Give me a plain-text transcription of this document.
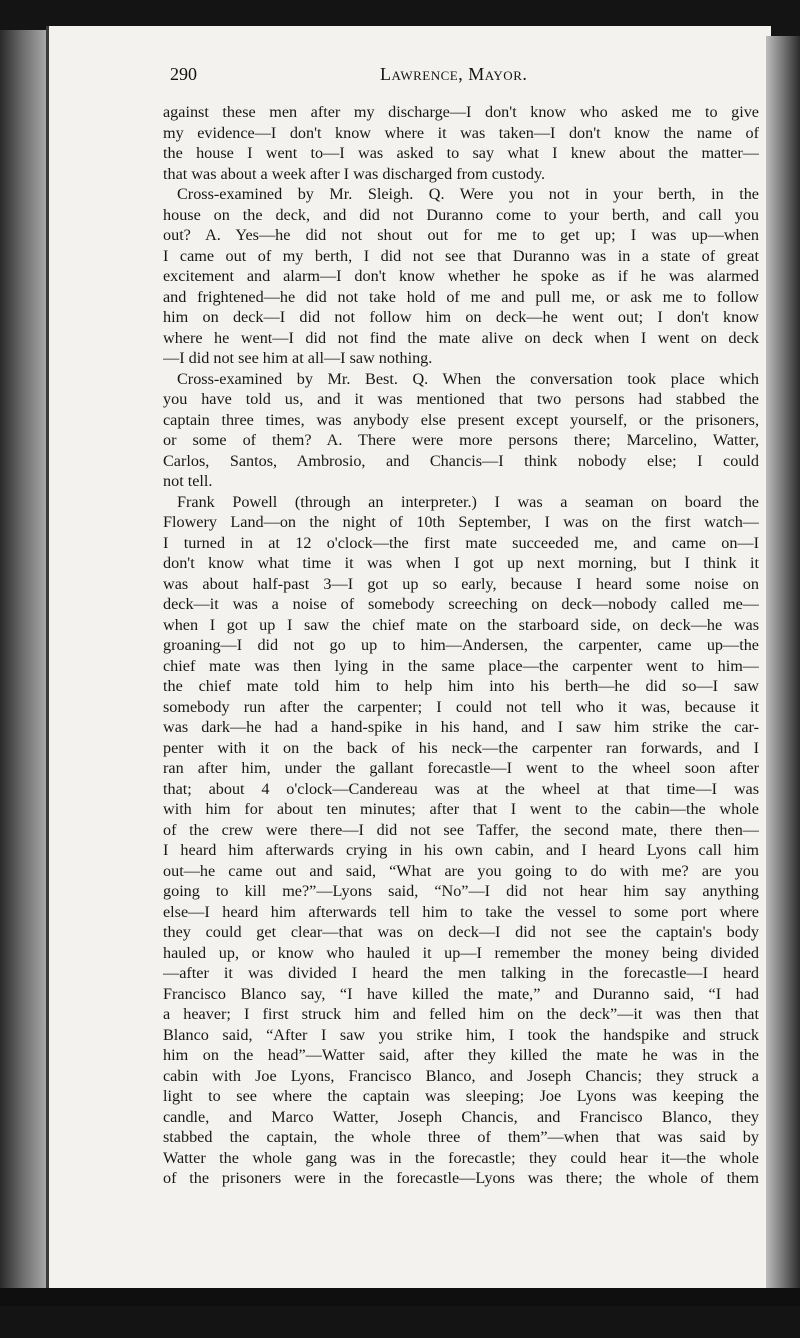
290	Lawrence, Mayor.
against these men after my discharge—I don't know who asked me to give
my evidence—I don't know where it was taken—I don't know the name of
the house I went to—I was asked to say what I knew about the matter—
that was about a week after I was discharged from custody.
Cross-examined by Mr. Sleigh. Q. Were you not in your berth, in the
house on the deck, and did not Duranno come to your berth, and call you
out? A. Yes—he did not shout out for me to get up; I was up—when
I came out of my berth, I did not see that Duranno was in a state of great
excitement and alarm—I don't know whether he spoke as if he was alarmed
and frightened—he did not take hold of me and pull me, or ask me to follow
him on deck—I did not follow him on deck—he went out; I don't know
where he went—I did not find the mate alive on deck when I went on deck
—I did not see him at all—I saw nothing.
Cross-examined by Mr. Best. Q. When the conversation took place which
you have told us, and it was mentioned that two persons had stabbed the
captain three times, was anybody else present except yourself, or the prisoners,
or some of them? A. There were more persons there; Marcelino, Watter,
Carlos, Santos, Ambrosio, and Chancis—I think nobody else; I could
not tell.
Frank Powell (through an interpreter.) I was a seaman on board the
Flowery Land—on the night of 10th September, I was on the first watch—
I turned in at 12 o'clock—the first mate succeeded me, and came on—I
don't know what time it was when I got up next morning, but I think it
was about half-past 3—I got up so early, because I heard some noise on
deck—it was a noise of somebody screeching on deck—nobody called me—
when I got up I saw the chief mate on the starboard side, on deck—he was
groaning—I did not go up to him—Andersen, the carpenter, came up—the
chief mate was then lying in the same place—the carpenter went to him—
the chief mate told him to help him into his berth—he did so—I saw
somebody run after the carpenter; I could not tell who it was, because it
was dark—he had a hand-spike in his hand, and I saw him strike the car-
penter with it on the back of his neck—the carpenter ran forwards, and I
ran after him, under the gallant forecastle—I went to the wheel soon after
that; about 4 o'clock—Candereau was at the wheel at that time—I was
with him for about ten minutes; after that I went to the cabin—the whole
of the crew were there—I did not see Taffer, the second mate, there then—
I heard him afterwards crying in his own cabin, and I heard Lyons call him
out—he came out and said, “What are you going to do with me? are you
going to kill me?”—Lyons said, “No”—I did not hear him say anything
else—I heard him afterwards tell him to take the vessel to some port where
they could get clear—that was on deck—I did not see the captain's body
hauled up, or know who hauled it up—I remember the money being divided
—after it was divided I heard the men talking in the forecastle—I heard
Francisco Blanco say, “I have killed the mate,” and Duranno said, “I had
a heaver; I first struck him and felled him on the deck”—it was then that
Blanco said, “After I saw you strike him, I took the handspike and struck
him on the head”—Watter said, after they killed the mate he was in the
cabin with Joe Lyons, Francisco Blanco, and Joseph Chancis; they struck a
light to see where the captain was sleeping; Joe Lyons was keeping the
candle, and Marco Watter, Joseph Chancis, and Francisco Blanco, they
stabbed the captain, the whole three of them”—when that was said by
Watter the whole gang was in the forecastle; they could hear it—the whole
of the prisoners were in the forecastle—Lyons was there; the whole of them
